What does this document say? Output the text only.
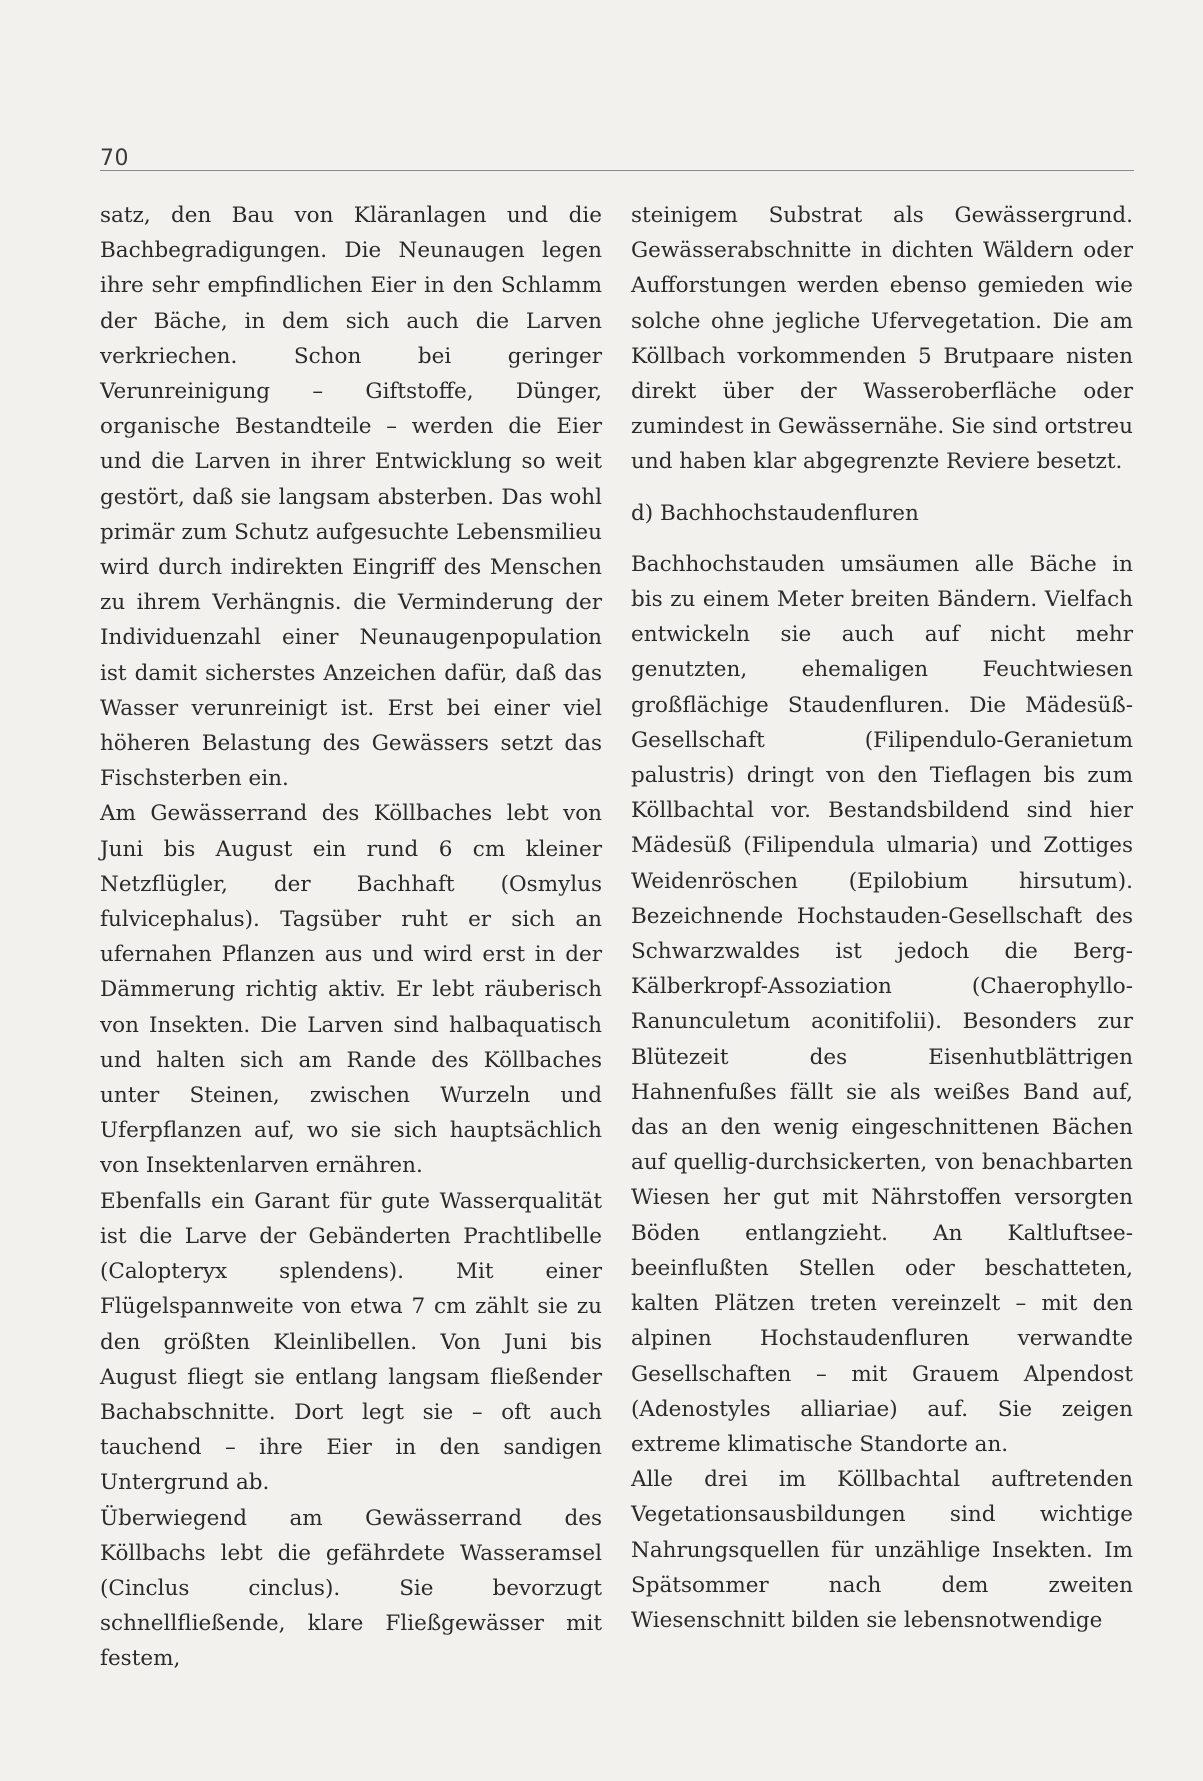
70

satz, den Bau von Kläranlagen und die Bachbegradigungen. Die Neunaugen legen ihre sehr empfindlichen Eier in den Schlamm der Bäche, in dem sich auch die Larven verkriechen. Schon bei geringer Verunreinigung – Giftstoffe, Dünger, organische Bestandteile – werden die Eier und die Larven in ihrer Entwicklung so weit gestört, daß sie langsam absterben. Das wohl primär zum Schutz aufgesuchte Lebensmilieu wird durch indirekten Eingriff des Menschen zu ihrem Verhängnis. die Verminderung der Individuenzahl einer Neunaugenpopulation ist damit sicherstes Anzeichen dafür, daß das Wasser verunreinigt ist. Erst bei einer viel höheren Belastung des Gewässers setzt das Fischsterben ein.

Am Gewässerrand des Köllbaches lebt von Juni bis August ein rund 6 cm kleiner Netzflügler, der Bachhaft (Osmylus fulvicephalus). Tagsüber ruht er sich an ufernahen Pflanzen aus und wird erst in der Dämmerung richtig aktiv. Er lebt räuberisch von Insekten. Die Larven sind halbaquatisch und halten sich am Rande des Köllbaches unter Steinen, zwischen Wurzeln und Uferpflanzen auf, wo sie sich hauptsächlich von Insektenlarven ernähren.

Ebenfalls ein Garant für gute Wasserqualität ist die Larve der Gebänderten Prachtlibelle (Calopteryx splendens). Mit einer Flügelspannweite von etwa 7 cm zählt sie zu den größten Kleinlibellen. Von Juni bis August fliegt sie entlang langsam fließender Bachabschnitte. Dort legt sie – oft auch tauchend – ihre Eier in den sandigen Untergrund ab.

Überwiegend am Gewässerrand des Köllbachs lebt die gefährdete Wasseramsel (Cinclus cinclus). Sie bevorzugt schnellfließende, klare Fließgewässer mit festem,

steinigem Substrat als Gewässergrund. Gewässerabschnitte in dichten Wäldern oder Aufforstungen werden ebenso gemieden wie solche ohne jegliche Ufervegetation. Die am Köllbach vorkommenden 5 Brutpaare nisten direkt über der Wasseroberfläche oder zumindest in Gewässernähe. Sie sind ortstreu und haben klar abgegrenzte Reviere besetzt.

d) Bachhochstaudenfluren

Bachhochstauden umsäumen alle Bäche in bis zu einem Meter breiten Bändern. Vielfach entwickeln sie auch auf nicht mehr genutzten, ehemaligen Feuchtwiesen großflächige Staudenfluren. Die Mädesüß-Gesellschaft (Filipendulo-Geranietum palustris) dringt von den Tieflagen bis zum Köllbachtal vor. Bestandsbildend sind hier Mädesüß (Filipendula ulmaria) und Zottiges Weidenröschen (Epilobium hirsutum). Bezeichnende Hochstauden-Gesellschaft des Schwarzwaldes ist jedoch die Berg-Kälberkropf-Assoziation (Chaerophyllo-Ranunculetum aconitifolii). Besonders zur Blütezeit des Eisenhutblättrigen Hahnenfußes fällt sie als weißes Band auf, das an den wenig eingeschnittenen Bächen auf quellig-durchsickerten, von benachbarten Wiesen her gut mit Nährstoffen versorgten Böden entlangzieht. An Kaltluftsee-beeinflußten Stellen oder beschatteten, kalten Plätzen treten vereinzelt – mit den alpinen Hochstaudenfluren verwandte Gesellschaften – mit Grauem Alpendost (Adenostyles alliariae) auf. Sie zeigen extreme klimatische Standorte an.

Alle drei im Köllbachtal auftretenden Vegetationsausbildungen sind wichtige Nahrungsquellen für unzählige Insekten. Im Spätsommer nach dem zweiten Wiesenschnitt bilden sie lebensnotwendige
